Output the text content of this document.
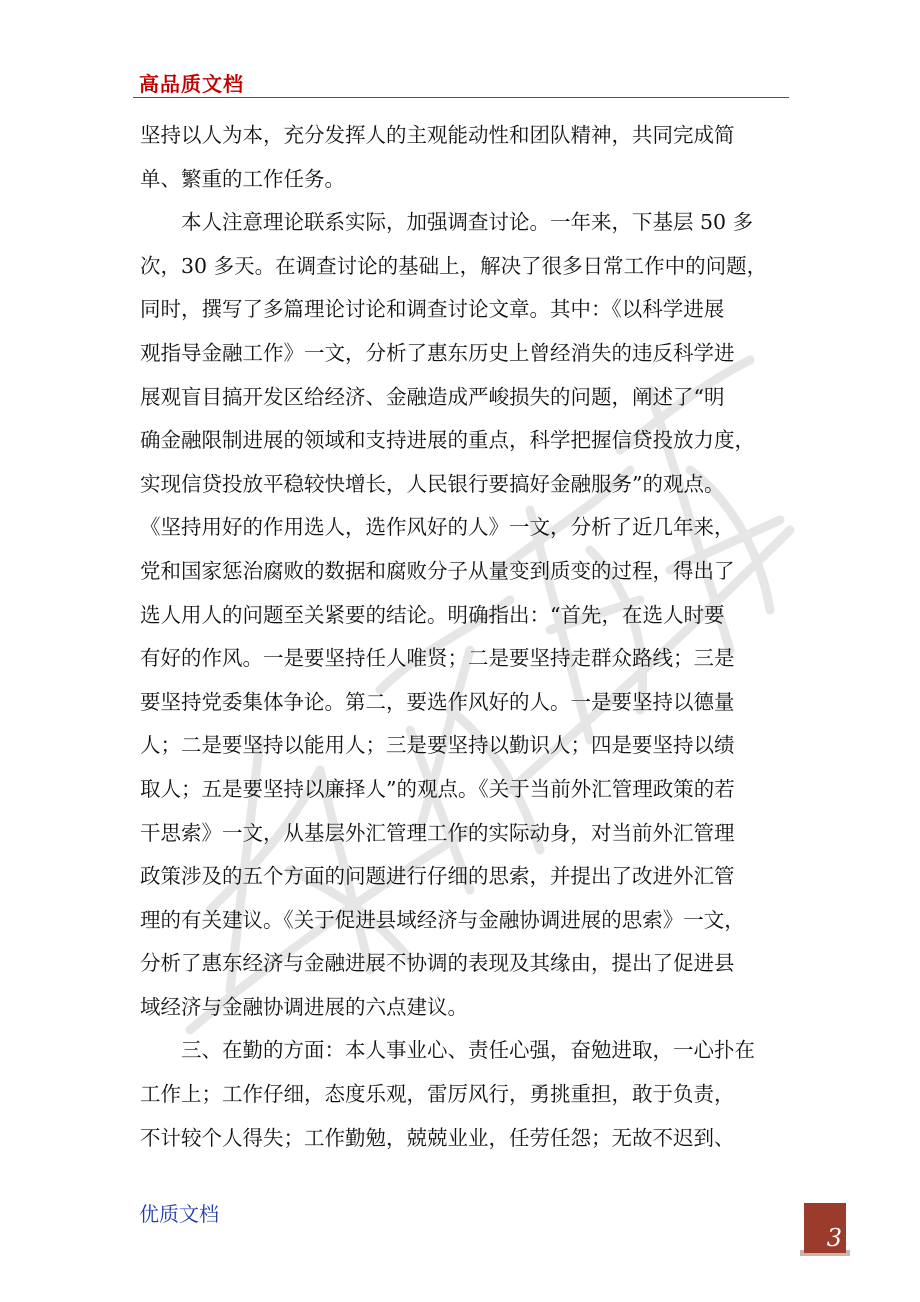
高品质文档
坚持以人为本，充分发挥人的主观能动性和团队精神，共同完成简
单、繁重的工作任务。
本人注意理论联系实际，加强调查讨论。一年来，下基层 50 多
次，30 多天。在调查讨论的基础上，解决了很多日常工作中的问题，
同时，撰写了多篇理论讨论和调查讨论文章。其中：《以科学进展
观指导金融工作》一文，分析了惠东历史上曾经消失的违反科学进
展观盲目搞开发区给经济、金融造成严峻损失的问题，阐述了“明
确金融限制进展的领域和支持进展的重点，科学把握信贷投放力度，
实现信贷投放平稳较快增长，人民银行要搞好金融服务”的观点。
《坚持用好的作用选人，选作风好的人》一文，分析了近几年来，
党和国家惩治腐败的数据和腐败分子从量变到质变的过程，得出了
选人用人的问题至关紧要的结论。明确指出：“首先，在选人时要
有好的作风。一是要坚持任人唯贤；二是要坚持走群众路线；三是
要坚持党委集体争论。第二，要选作风好的人。一是要坚持以德量
人；二是要坚持以能用人；三是要坚持以勤识人；四是要坚持以绩
取人；五是要坚持以廉择人”的观点。《关于当前外汇管理政策的若
干思索》一文，从基层外汇管理工作的实际动身，对当前外汇管理
政策涉及的五个方面的问题进行仔细的思索，并提出了改进外汇管
理的有关建议。《关于促进县域经济与金融协调进展的思索》一文，
分析了惠东经济与金融进展不协调的表现及其缘由，提出了促进县
域经济与金融协调进展的六点建议。
三、在勤的方面：本人事业心、责任心强，奋勉进取，一心扑在
工作上；工作仔细，态度乐观，雷厉风行，勇挑重担，敢于负责，
不计较个人得失；工作勤勉，兢兢业业，任劳任怨；无故不迟到、
优质文档
3
